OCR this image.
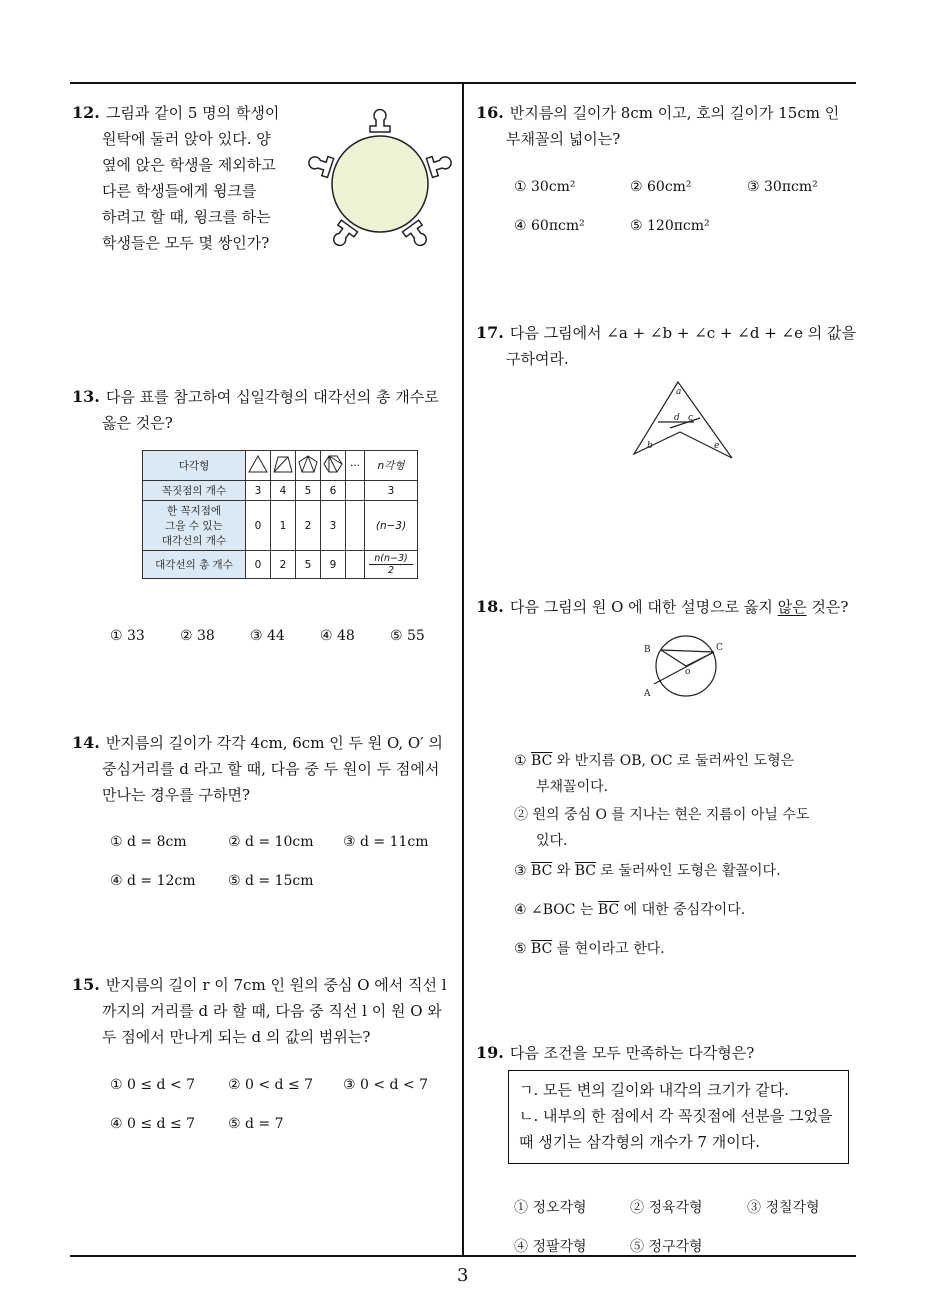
3
12. 그림과 같이 5 명의 학생이
원탁에 둘러 앉아 있다. 양
옆에 앉은 학생을 제외하고
다른 학생들에게 윙크를
하려고 할 때, 윙크를 하는
학생들은 모두 몇 쌍인가?
13. 다음 표를 참고하여 십일각형의 대각선의 총 개수로
옳은 것은?
다각형					···	n각형
꼭짓점의 개수	3	4	5	6		3
한 꼭지점에
그을 수 있는
대각선의 개수	0	1	2	3		(n−3)
대각선의 총 개수	0	2	5	9		n(n−3)
2
① 33	② 38	③ 44	④ 48	⑤ 55
14. 반지름의 길이가 각각 4cm, 6cm 인 두 원 O, O′ 의
중심거리를 d 라고 할 때, 다음 중 두 원이 두 점에서
만나는 경우를 구하면?
① d = 8cm	② d = 10cm ③ d = 11cm
④ d = 12cm ⑤ d = 15cm
15. 반지름의 길이 r 이 7cm 인 원의 중심 O 에서 직선 l
까지의 거리를 d 라 할 때, 다음 중 직선 l 이 원 O 와
두 점에서 만나게 되는 d 의 값의 범위는?
① 0 ≤ d < 7 ② 0 < d ≤ 7 ③ 0 < d < 7
④ 0 ≤ d ≤ 7 ⑤ d = 7
16. 반지름의 길이가 8cm 이고, 호의 길이가 15cm 인
부채꼴의 넓이는?
① 30cm²	② 60cm²	③ 30πcm²
④ 60πcm²	⑤ 120πcm²
17. 다음 그림에서 ∠a + ∠b + ∠c + ∠d + ∠e 의 값을
구하여라.
a
b
c
d
e
18. 다음 그림의 원 O 에 대한 설명으로 옳지 않은 것은?
B	C
o
A
① $\overline{BC}$ 와 반지름 OB, OC 로 둘러싸인 도형은
부채꼴이다.
② 원의 중심 O 를 지나는 현은 지름이 아닐 수도
있다.
③ $\overline{BC}$ 와 $\overline{BC}$ 로 둘러싸인 도형은 활꼴이다.
④ ∠BOC 는 $\overline{BC}$ 에 대한 중심각이다.
⑤ $\overline{BC}$ 를 현이라고 한다.
19. 다음 조건을 모두 만족하는 다각형은?
ㄱ. 모든 변의 길이와 내각의 크기가 같다.
ㄴ. 내부의 한 점에서 각 꼭짓점에 선분을 그었을
때 생기는 삼각형의 개수가 7 개이다.
① 정오각형	② 정육각형	③ 정칠각형
④ 정팔각형	⑤ 정구각형
